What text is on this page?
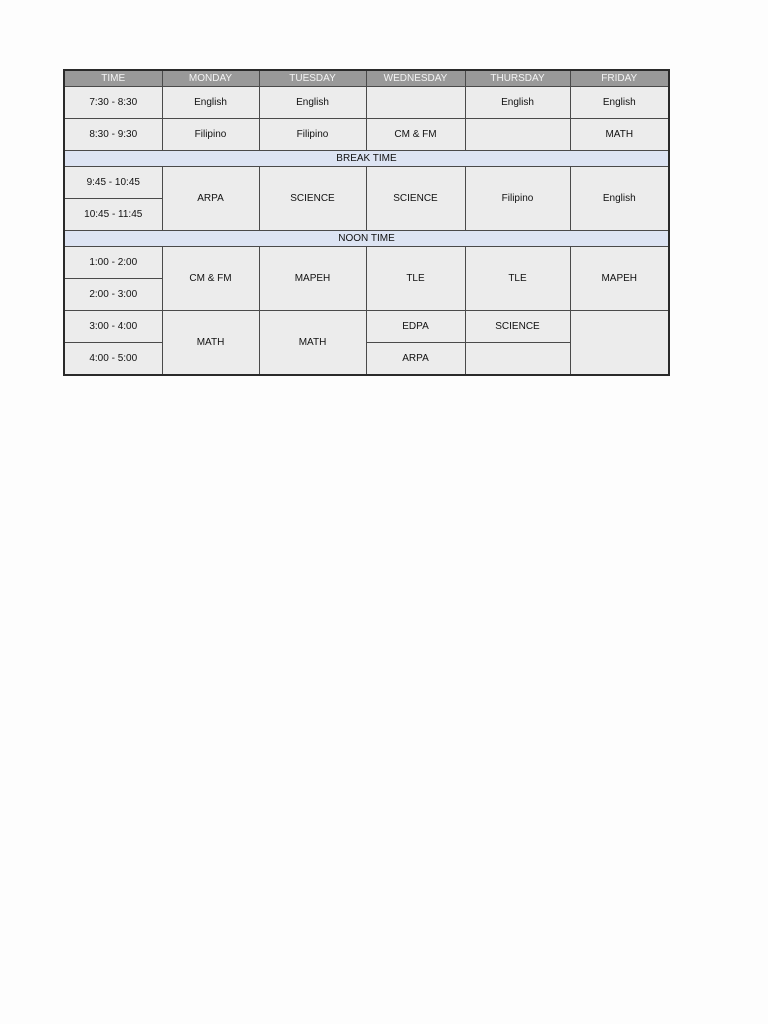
TIME	MONDAY	TUESDAY	WEDNESDAY	THURSDAY	FRIDAY
7:30 - 8:30	English	English		English	English
8:30 - 9:30	Filipino	Filipino	CM & FM		MATH
BREAK TIME					
9:45 - 10:45	ARPA	SCIENCE	SCIENCE	Filipino	English
10:45 - 11:45					
NOON TIME					
1:00 - 2:00	CM & FM	MAPEH	TLE	TLE	MAPEH
2:00 - 3:00					
3:00 - 4:00	MATH	MATH	EDPA	SCIENCE	
4:00 - 5:00			ARPA		
